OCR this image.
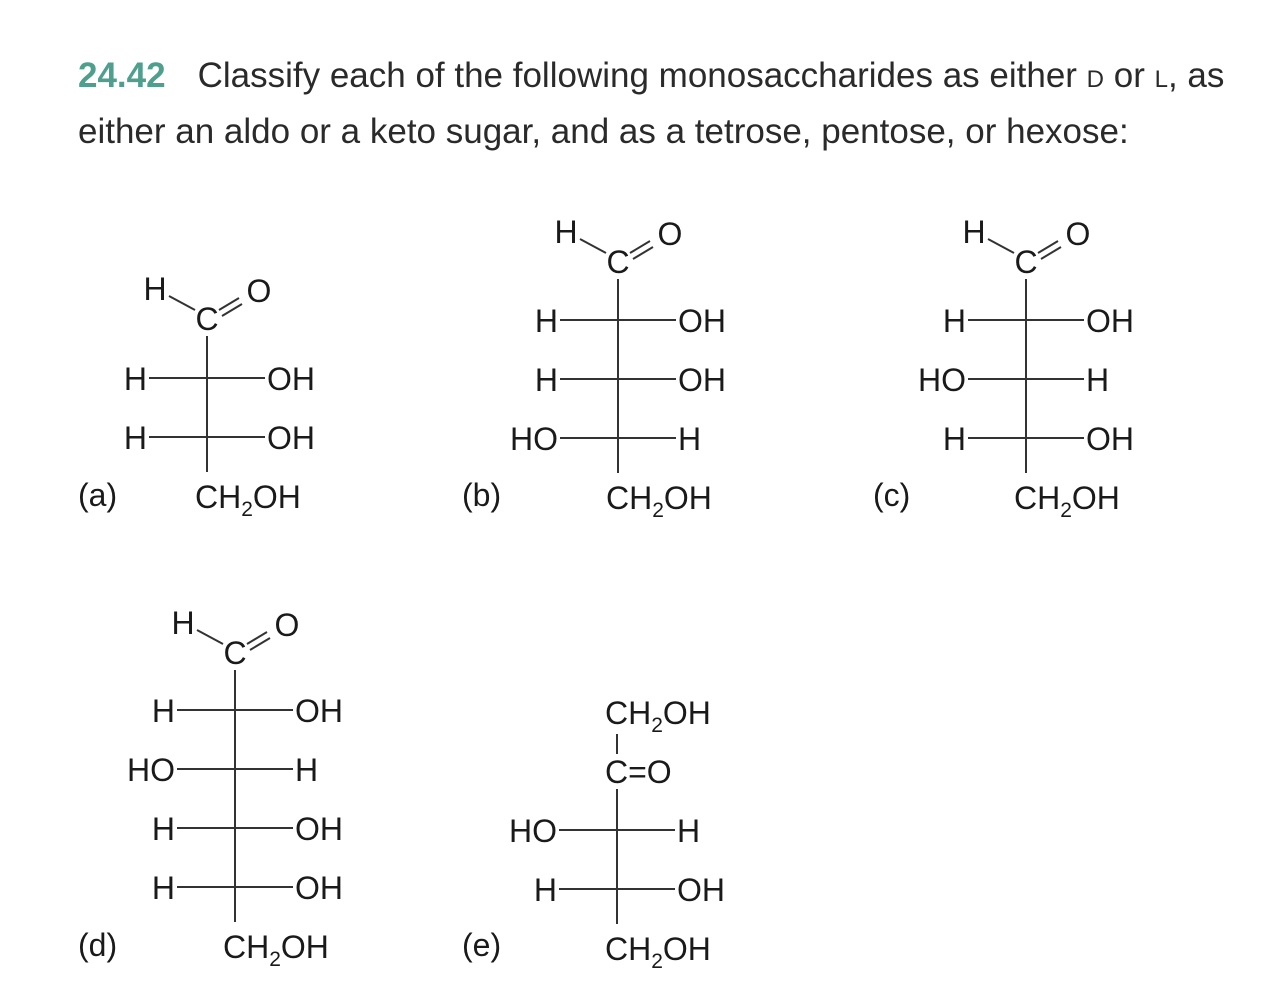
24.42 Classify each of the following monosaccharides as either D or L, as either an aldo or a keto sugar, and as a tetrose, pentose, or hexose:
(a)
C
H	O
H	OH
H	OH
$CH_2OH$	(b)
C
H	O
H	OH
H	OH
HO	H
$CH_2OH$	(c)
C
H	O
H	OH
HO	H
H	OH
$CH_2OH$
(d)
C
H	O
H	OH
HO	H
H	OH
H	OH
$CH_2OH$	(e)
$CH_2OH$
C=O
HO	H
H	OH
$CH_2OH$
